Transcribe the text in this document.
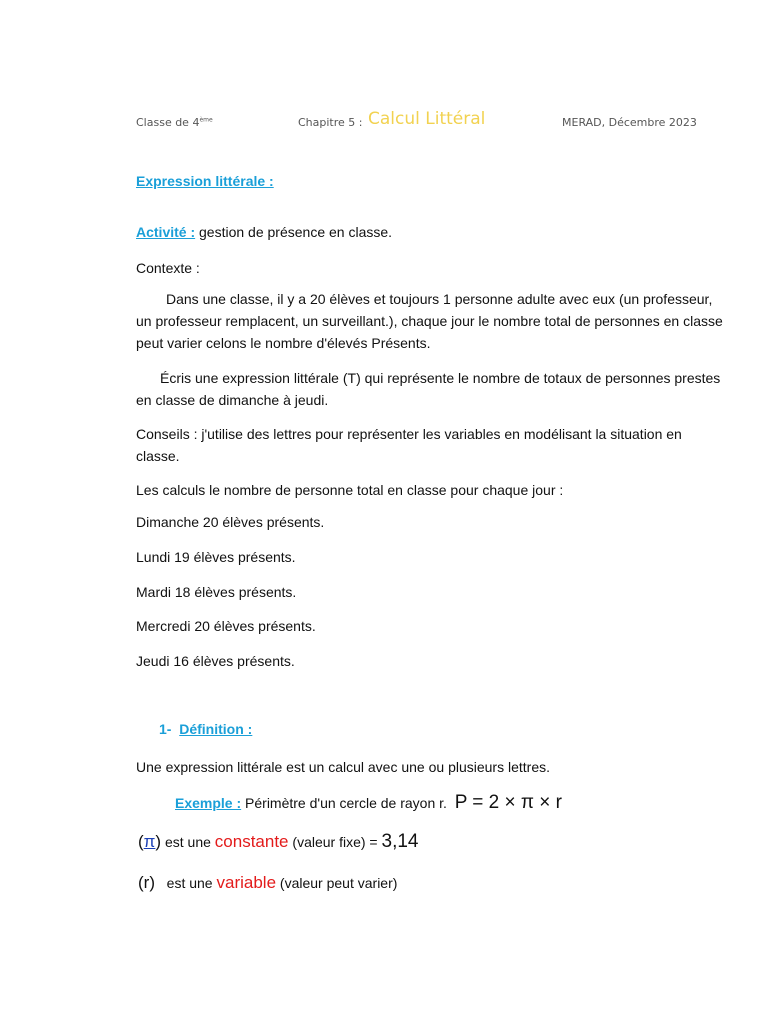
Classe de 4ème	Chapitre 5 : Calcul Littéral	MERAD, Décembre 2023
Expression littérale :
Activité : gestion de présence en classe.
Contexte :
Dans une classe, il y a 20 élèves et toujours 1 personne adulte avec eux (un professeur, un professeur remplacent, un surveillant.), chaque jour le nombre total de personnes en classe peut varier celons le nombre d'élevés Présents.
Écris une expression littérale (T) qui représente le nombre de totaux de personnes prestes en classe de dimanche à jeudi.
Conseils : j'utilise des lettres pour représenter les variables en modélisant la situation en classe.
Les calculs le nombre de personne total en classe pour chaque jour :
Dimanche 20 élèves présents.
Lundi 19 élèves présents.
Mardi 18 élèves présents.
Mercredi 20 élèves présents.
Jeudi 16 élèves présents.
1- Définition :
Une expression littérale est un calcul avec une ou plusieurs lettres.
Exemple : Périmètre d'un cercle de rayon r. P = 2 × π × r
(π) est une constante (valeur fixe) = 3,14
(r) est une variable (valeur peut varier)
